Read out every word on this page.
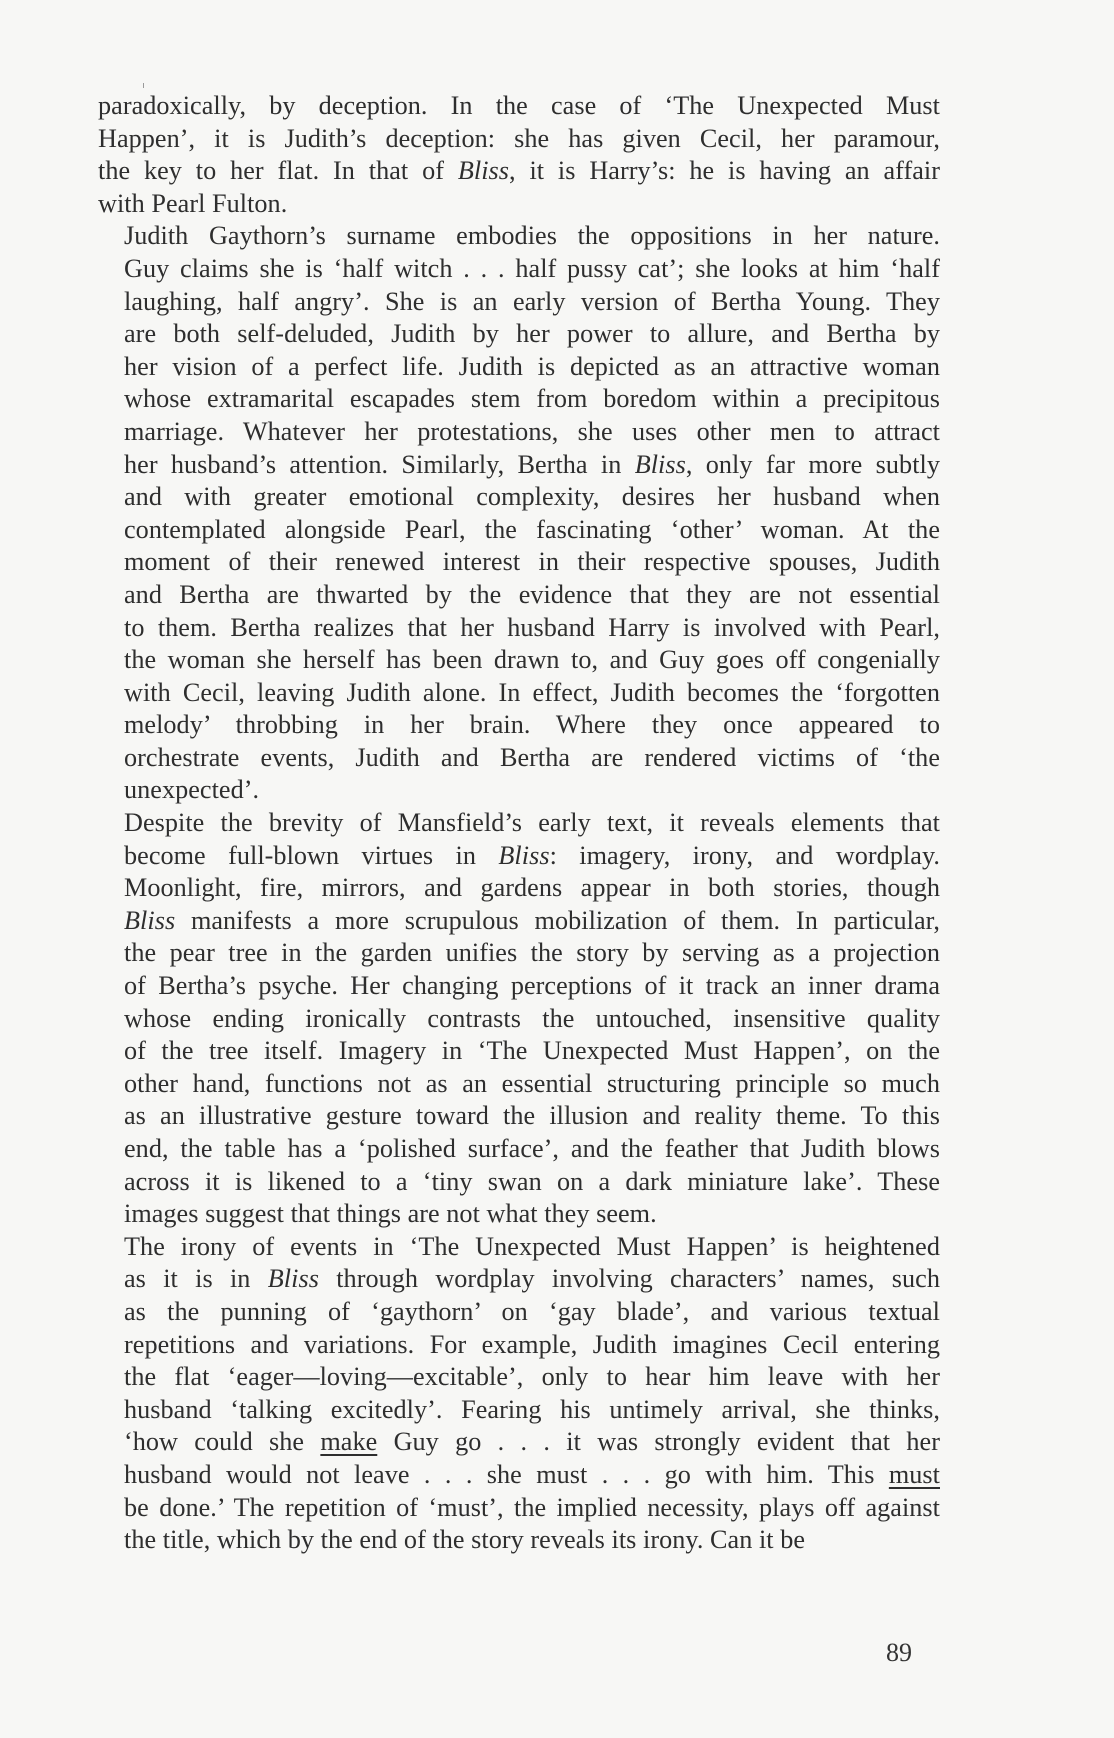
paradoxically, by deception. In the case of ‘The Unexpected Must
Happen’, it is Judith’s deception: she has given Cecil, her paramour,
the key to her flat. In that of Bliss, it is Harry’s: he is having an affair
with Pearl Fulton.

Judith Gaythorn’s surname embodies the oppositions in her nature.
Guy claims she is ‘half witch . . . half pussy cat’; she looks at him ‘half
laughing, half angry’. She is an early version of Bertha Young. They
are both self-deluded, Judith by her power to allure, and Bertha by
her vision of a perfect life. Judith is depicted as an attractive woman
whose extramarital escapades stem from boredom within a precipitous
marriage. Whatever her protestations, she uses other men to attract
her husband’s attention. Similarly, Bertha in Bliss, only far more subtly
and with greater emotional complexity, desires her husband when
contemplated alongside Pearl, the fascinating ‘other’ woman. At the
moment of their renewed interest in their respective spouses, Judith
and Bertha are thwarted by the evidence that they are not essential
to them. Bertha realizes that her husband Harry is involved with Pearl,
the woman she herself has been drawn to, and Guy goes off congenially
with Cecil, leaving Judith alone. In effect, Judith becomes the ‘forgotten
melody’ throbbing in her brain. Where they once appeared to
orchestrate events, Judith and Bertha are rendered victims of ‘the
unexpected’.

Despite the brevity of Mansfield’s early text, it reveals elements that
become full-blown virtues in Bliss: imagery, irony, and wordplay.
Moonlight, fire, mirrors, and gardens appear in both stories, though
Bliss manifests a more scrupulous mobilization of them. In particular,
the pear tree in the garden unifies the story by serving as a projection
of Bertha’s psyche. Her changing perceptions of it track an inner drama
whose ending ironically contrasts the untouched, insensitive quality
of the tree itself. Imagery in ‘The Unexpected Must Happen’, on the
other hand, functions not as an essential structuring principle so much
as an illustrative gesture toward the illusion and reality theme. To this
end, the table has a ‘polished surface’, and the feather that Judith blows
across it is likened to a ‘tiny swan on a dark miniature lake’. These
images suggest that things are not what they seem.

The irony of events in ‘The Unexpected Must Happen’ is heightened
as it is in Bliss through wordplay involving characters’ names, such
as the punning of ‘gaythorn’ on ‘gay blade’, and various textual
repetitions and variations. For example, Judith imagines Cecil entering
the flat ‘eager—loving—excitable’, only to hear him leave with her
husband ‘talking excitedly’. Fearing his untimely arrival, she thinks,
‘how could she make Guy go . . . it was strongly evident that her
husband would not leave . . . she must . . . go with him. This must
be done.’ The repetition of ‘must’, the implied necessity, plays off against
the title, which by the end of the story reveals its irony. Can it be

89
